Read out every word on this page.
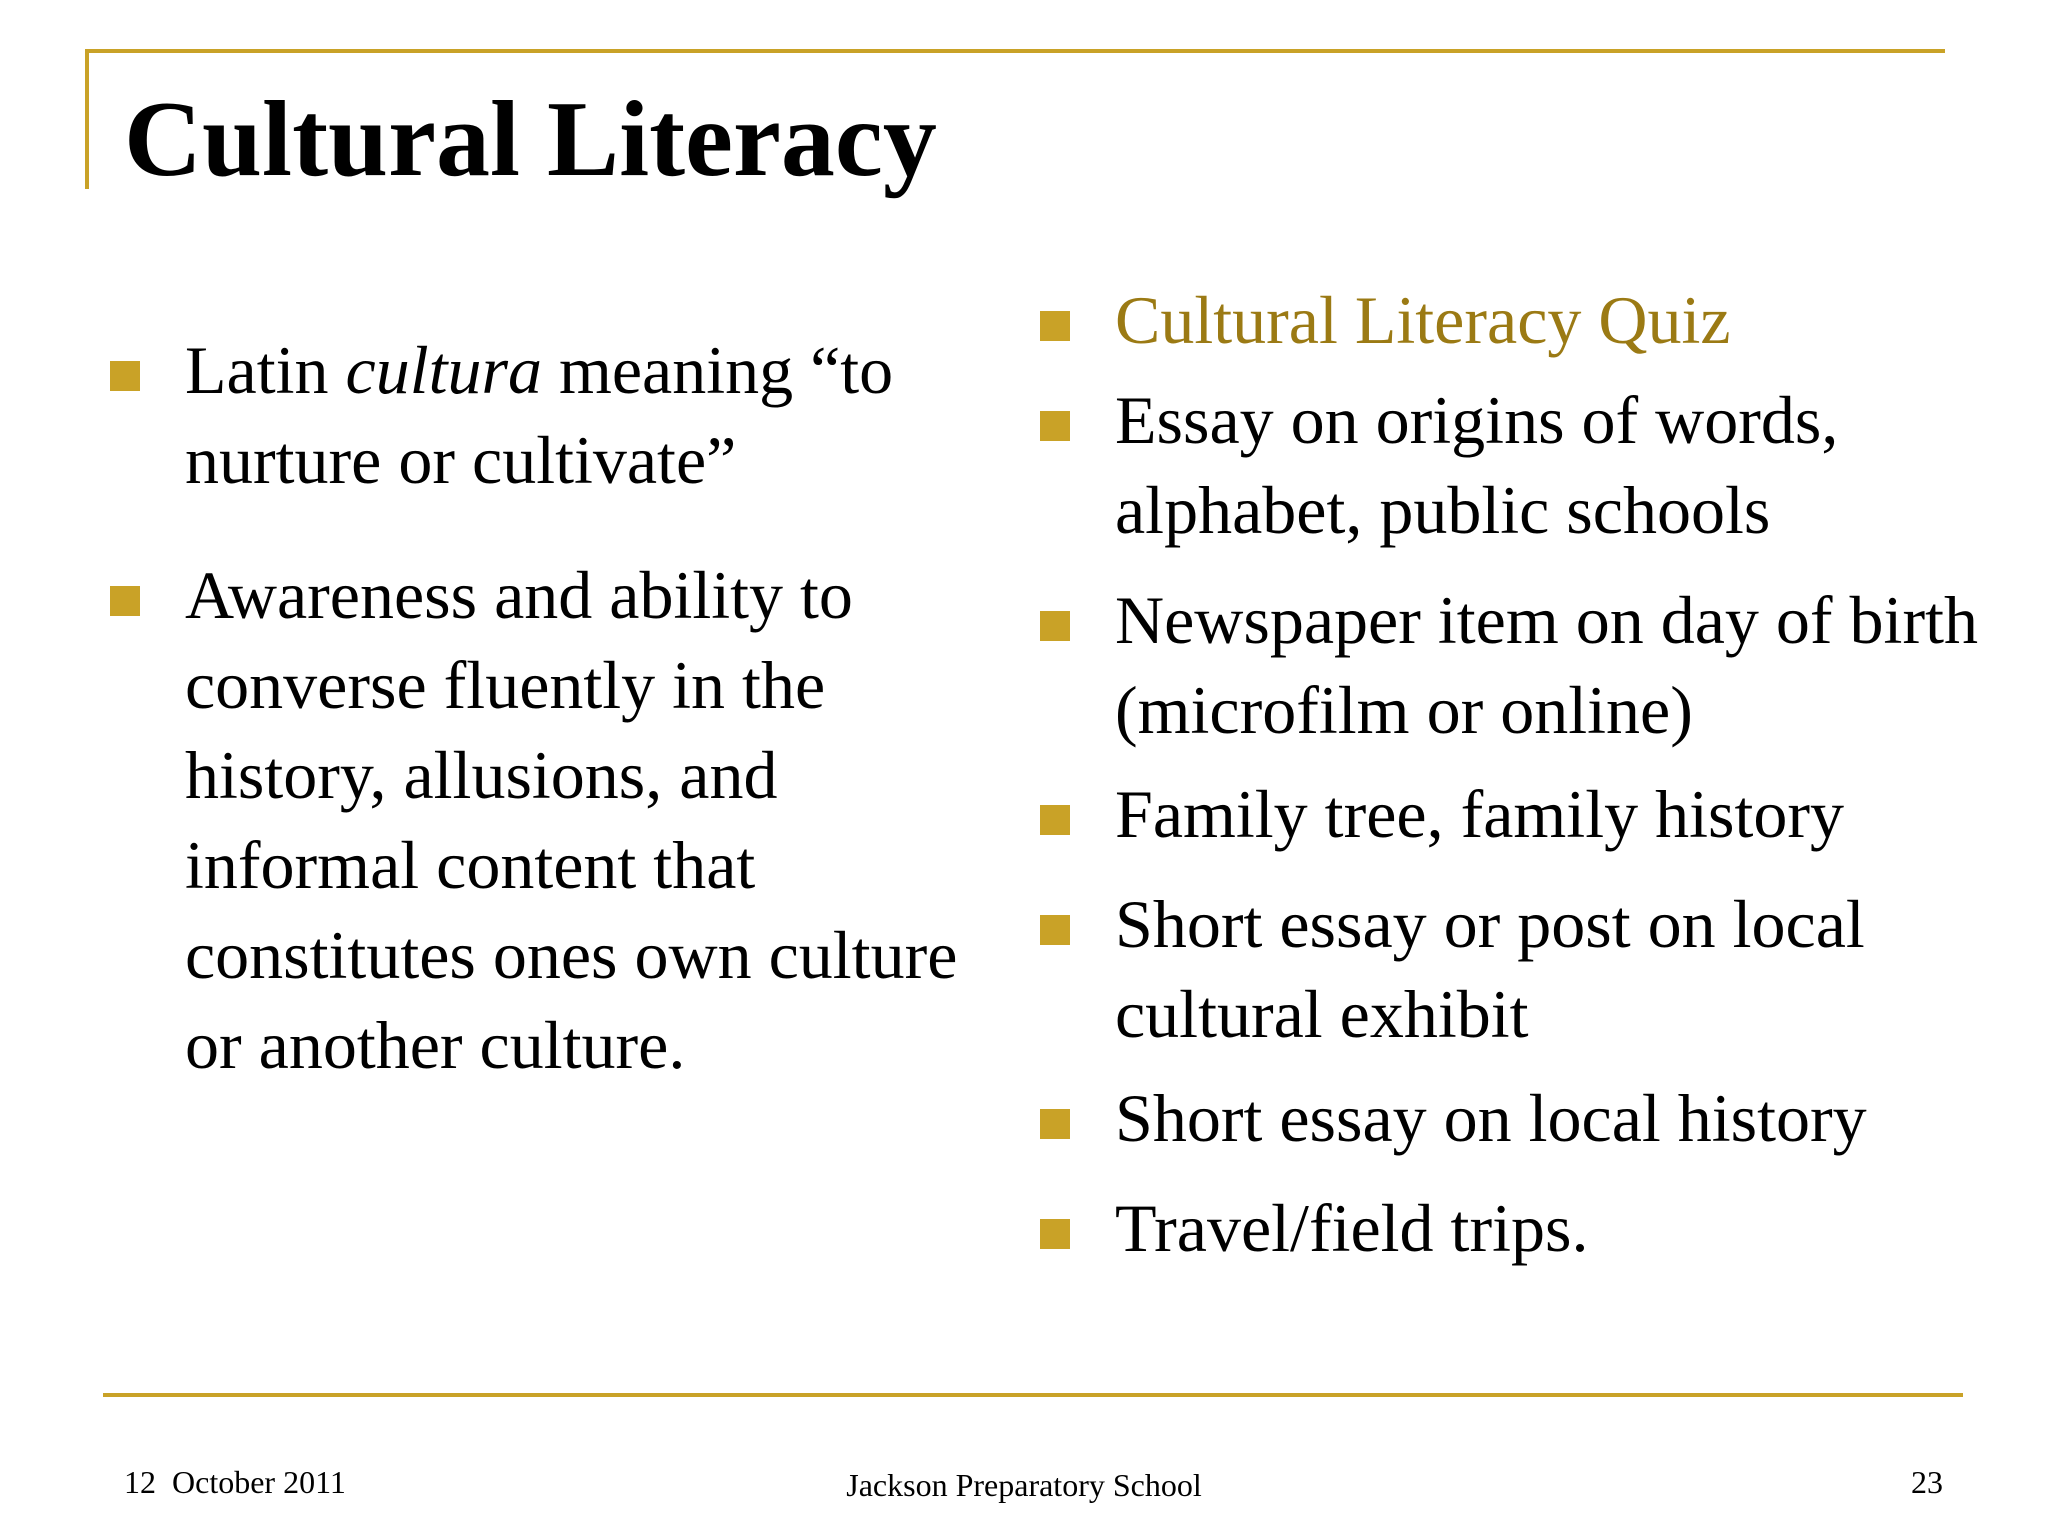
Cultural Literacy
Latin cultura meaning “to nurture or cultivate”
Awareness and ability to converse fluently in the history, allusions, and informal content that constitutes ones own culture or another culture.
Cultural Literacy Quiz
Essay on origins of words, alphabet, public schools
Newspaper item on day of birth (microfilm or online)
Family tree, family history
Short essay or post on local cultural exhibit
Short essay on local history
Travel/field trips.
12  October 2011	Jackson Preparatory School	23
